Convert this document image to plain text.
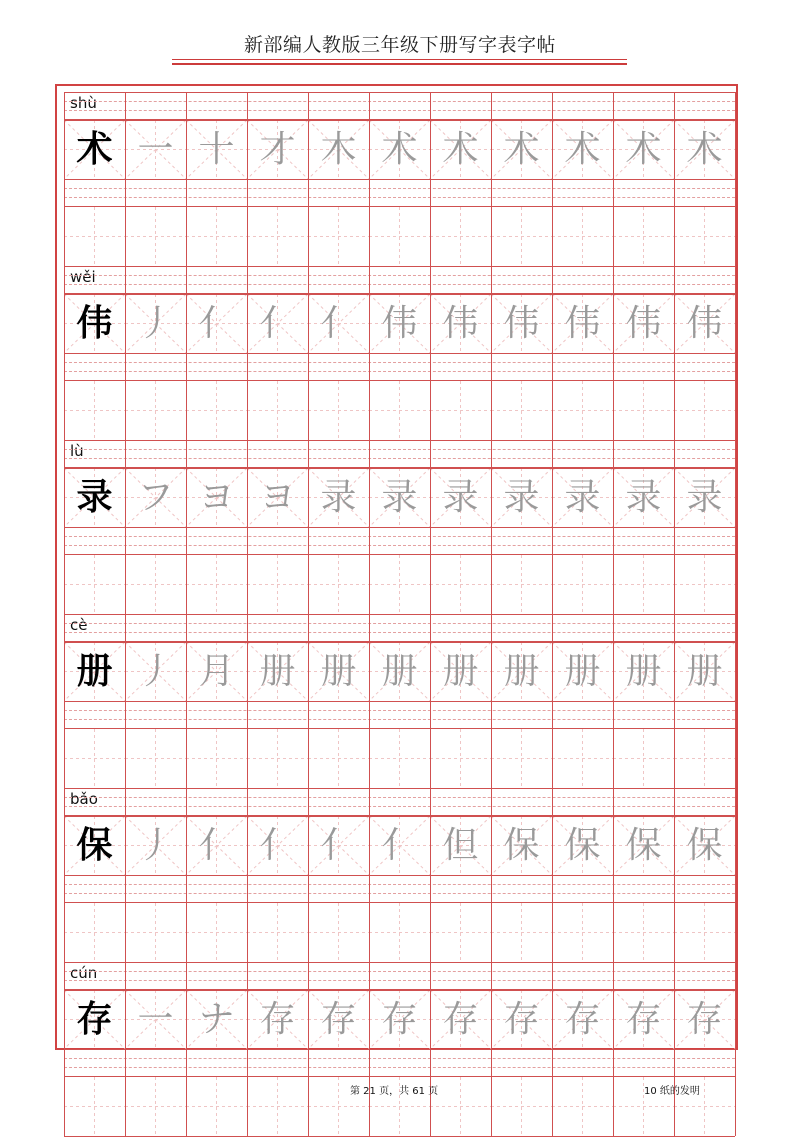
新部编人教版三年级下册写字表字帖
shù
术 一 十 才 木 术 术 术 术 术 术
wěi
伟 丿 亻 亻 亻 伟 伟 伟 伟 伟 伟
lù
录 フ ヨ ヨ 录 录 录 录 录 录 录
cè
册 丿 月 册 册 册 册 册 册 册 册
bǎo
保 丿 亻 亻 亻 亻 但 保 保 保 保
cún
存 一 ナ 存 存 存 存 存 存 存 存
第 21 页，共 61 页	10 纸的发明
